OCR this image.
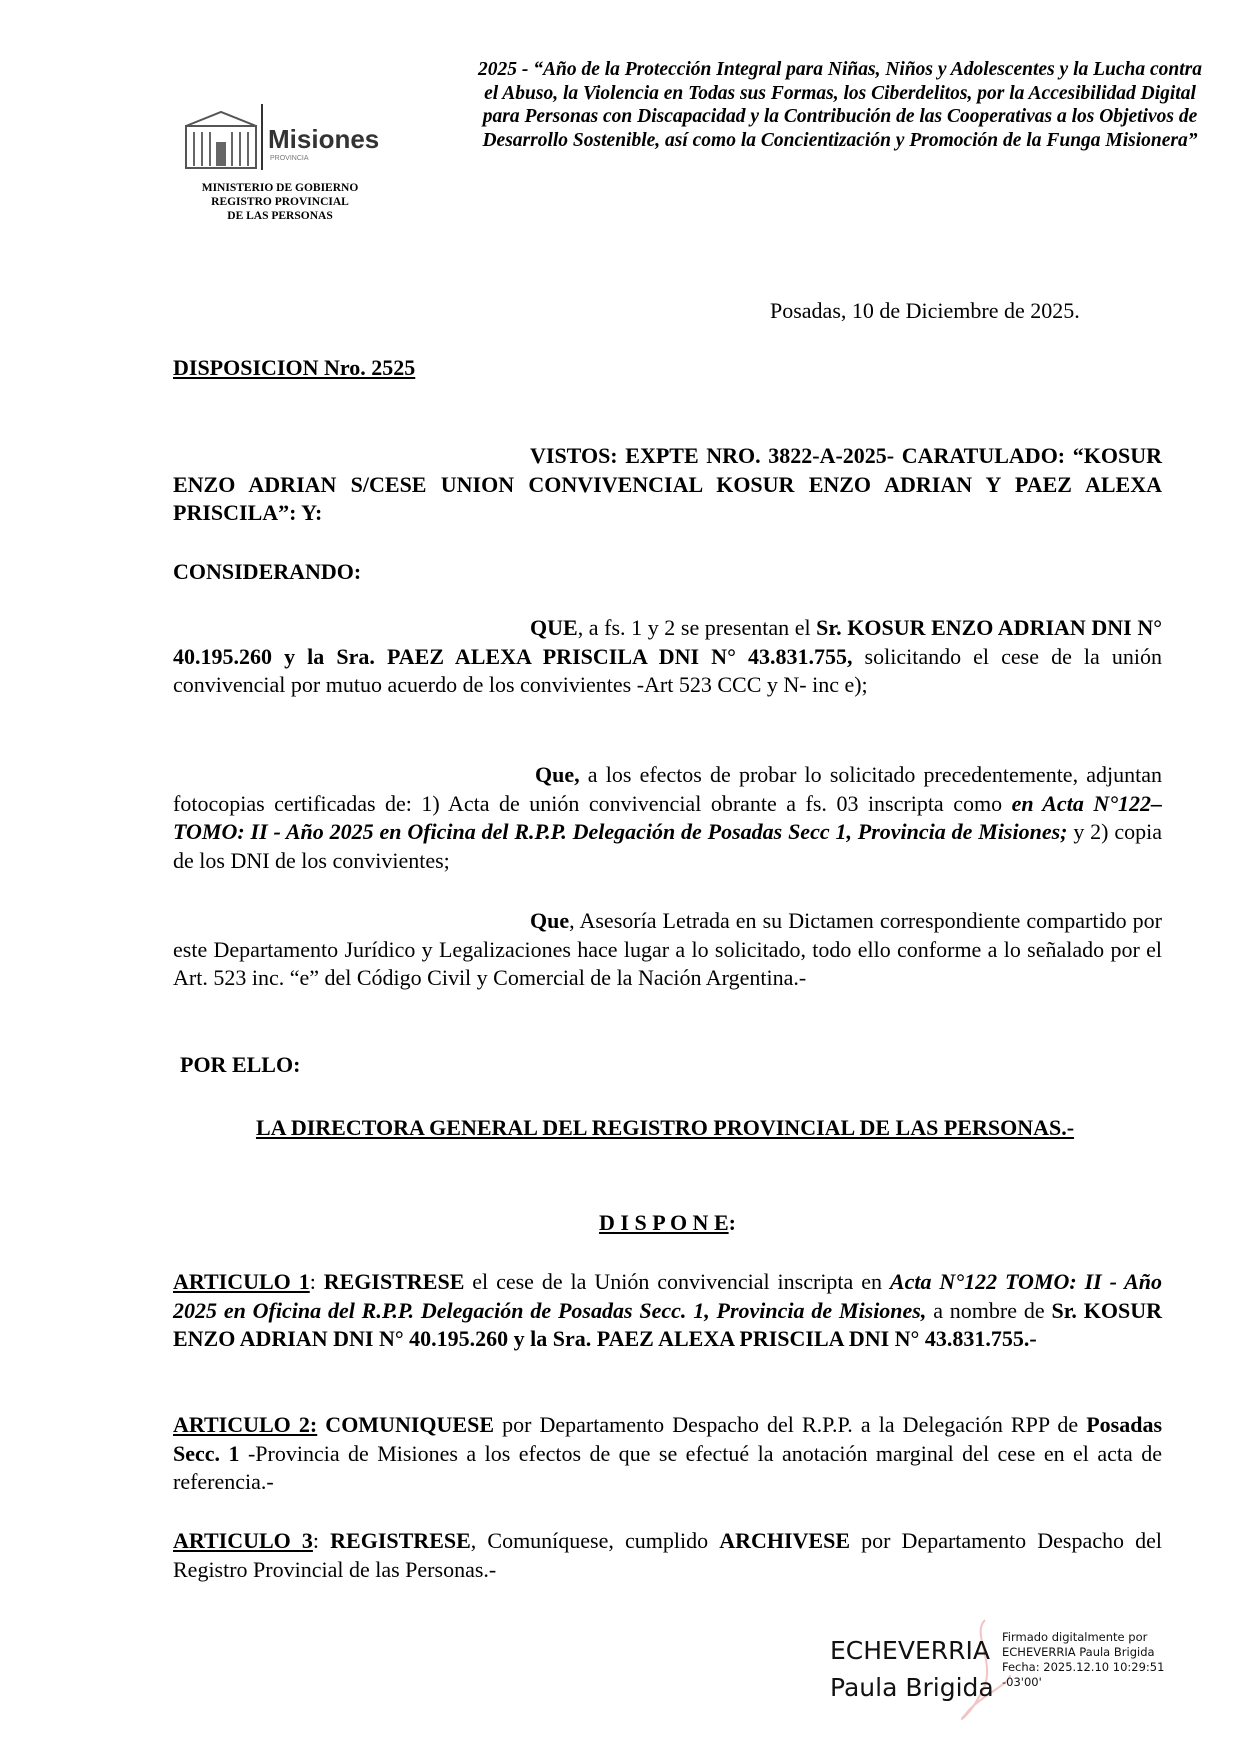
2025 - “Año de la Protección Integral para Niñas, Niños y Adolescentes y la Lucha contra el Abuso, la Violencia en Todas sus Formas, los Ciberdelitos, por la Accesibilidad Digital para Personas con Discapacidad y la Contribución de las Cooperativas a los Objetivos de Desarrollo Sostenible, así como la Concientización y Promoción de la Funga Misionera”
Misiones
PROVINCIA
MINISTERIO DE GOBIERNO
REGISTRO PROVINCIAL
DE LAS PERSONAS
Posadas, 10 de Diciembre de 2025.
DISPOSICION Nro. 2525
VISTOS: EXPTE NRO. 3822-A-2025- CARATULADO: “KOSUR ENZO ADRIAN S/CESE UNION CONVIVENCIAL KOSUR ENZO ADRIAN Y PAEZ ALEXA PRISCILA”: Y:
CONSIDERANDO:
QUE, a fs. 1 y 2 se presentan el Sr. KOSUR ENZO ADRIAN DNI N° 40.195.260 y la Sra. PAEZ ALEXA PRISCILA DNI N° 43.831.755, solicitando el cese de la unión convivencial por mutuo acuerdo de los convivientes -Art 523 CCC y N- inc e);
Que, a los efectos de probar lo solicitado precedentemente, adjuntan fotocopias certificadas de: 1) Acta de unión convivencial obrante a fs. 03 inscripta como en Acta N°122– TOMO: II - Año 2025 en Oficina del R.P.P. Delegación de Posadas Secc 1, Provincia de Misiones; y 2) copia de los DNI de los convivientes;
Que, Asesoría Letrada en su Dictamen correspondiente compartido por este Departamento Jurídico y Legalizaciones hace lugar a lo solicitado, todo ello conforme a lo señalado por el Art. 523 inc. “e” del Código Civil y Comercial de la Nación Argentina.-
POR ELLO:
LA DIRECTORA GENERAL DEL REGISTRO PROVINCIAL DE LAS PERSONAS.-
D I S P O N E:
ARTICULO 1: REGISTRESE el cese de la Unión convivencial inscripta en Acta N°122 TOMO: II - Año 2025 en Oficina del R.P.P. Delegación de Posadas Secc. 1, Provincia de Misiones, a nombre de Sr. KOSUR ENZO ADRIAN DNI N° 40.195.260 y la Sra. PAEZ ALEXA PRISCILA DNI N° 43.831.755.-
ARTICULO 2: COMUNIQUESE por Departamento Despacho del R.P.P. a la Delegación RPP de Posadas Secc. 1 -Provincia de Misiones a los efectos de que se efectué la anotación marginal del cese en el acta de referencia.-
ARTICULO 3: REGISTRESE, Comuníquese, cumplido ARCHIVESE por Departamento Despacho del Registro Provincial de las Personas.-
ECHEVERRIA
Paula Brigida
Firmado digitalmente por
ECHEVERRIA Paula Brigida
Fecha: 2025.12.10 10:29:51
-03'00'
